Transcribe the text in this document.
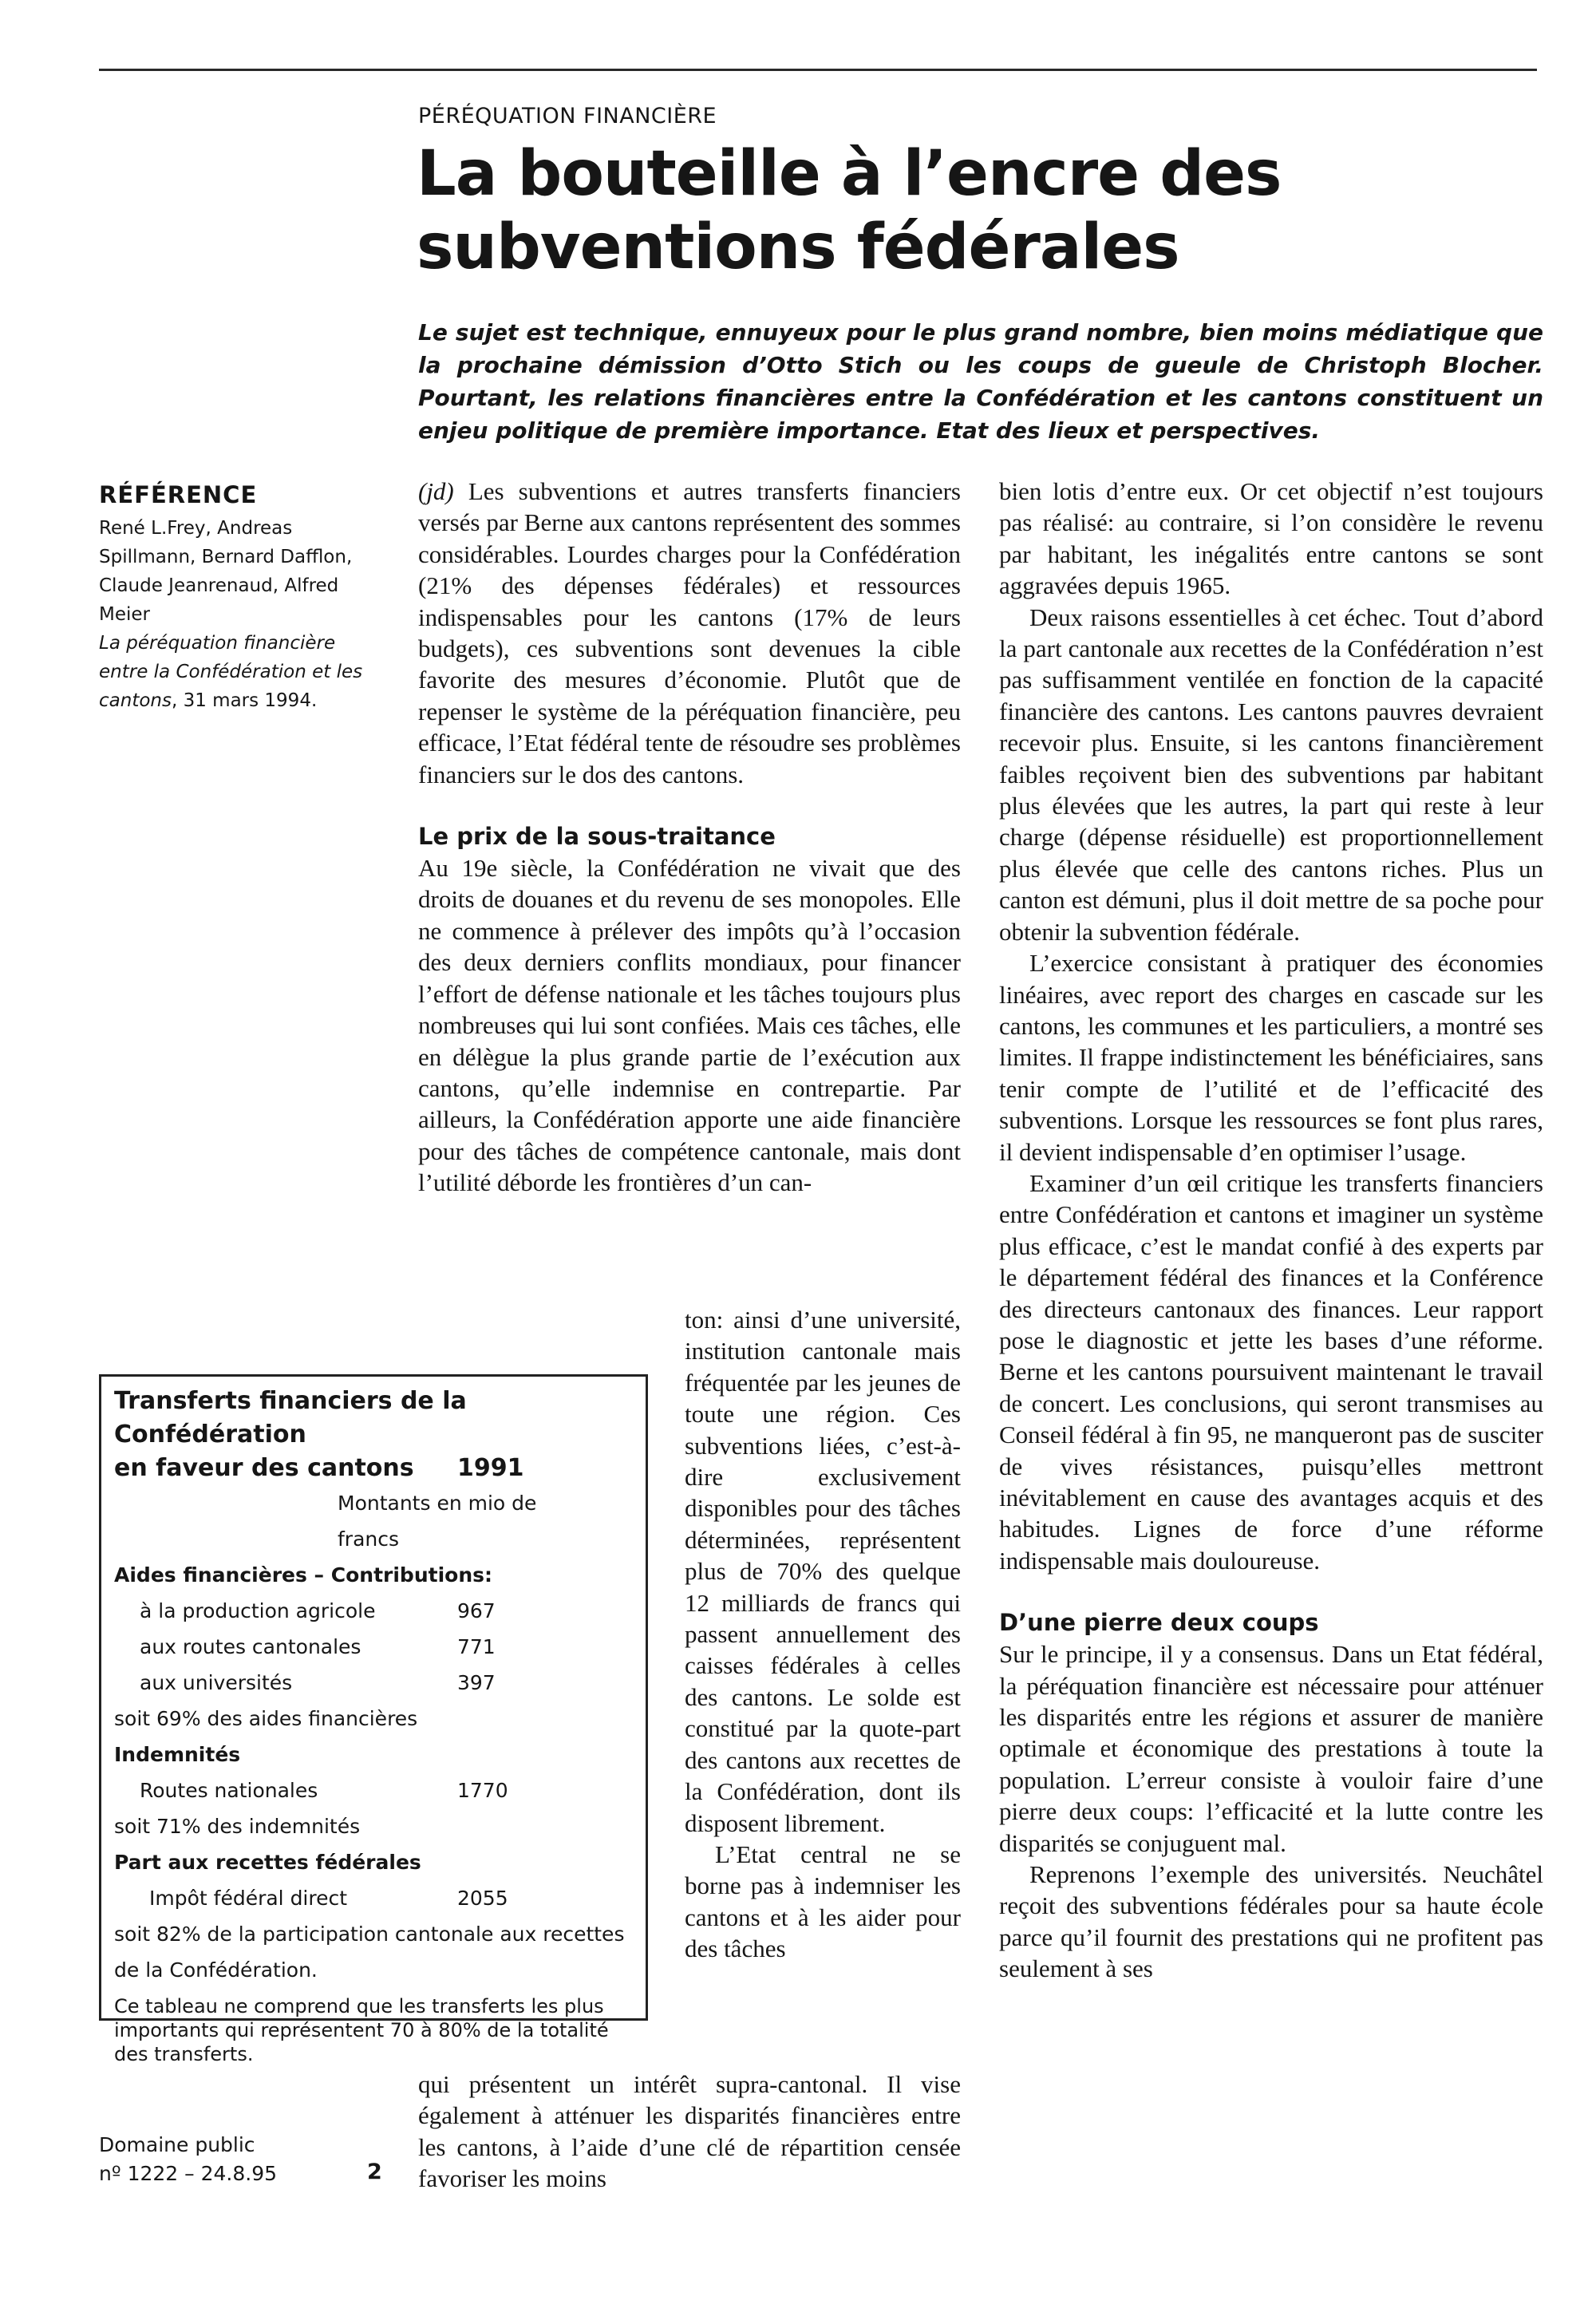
PÉRÉQUATION FINANCIÈRE
La bouteille à l’encre des
subventions fédérales

Le sujet est technique, ennuyeux pour le plus grand nombre, bien moins médiatique que la prochaine démission d’Otto Stich ou les coups de gueule de Christoph Blocher. Pourtant, les relations financières entre la Confédération et les cantons constituent un enjeu politique de première importance. Etat des lieux et perspectives.

RÉFÉRENCE
René L.Frey, Andreas Spillmann, Bernard Dafflon, Claude Jeanrenaud, Alfred Meier
La péréquation financière entre la Confédération et les cantons, 31 mars 1994.

(jd) Les subventions et autres transferts financiers versés par Berne aux cantons représentent des sommes considérables. Lourdes charges pour la Confédération (21% des dépenses fédérales) et ressources indispensables pour les cantons (17% de leurs budgets), ces subventions sont devenues la cible favorite des mesures d’économie. Plutôt que de repenser le système de la péréquation financière, peu efficace, l’Etat fédéral tente de résoudre ses problèmes financiers sur le dos des cantons.

Le prix de la sous-traitance

Au 19e siècle, la Confédération ne vivait que des droits de douanes et du revenu de ses monopoles. Elle ne commence à prélever des impôts qu’à l’occasion des deux derniers conflits mondiaux, pour financer l’effort de défense nationale et les tâches toujours plus nombreuses qui lui sont confiées. Mais ces tâches, elle en délègue la plus grande partie de l’exécution aux cantons, qu’elle indemnise en contrepartie. Par ailleurs, la Confédération apporte une aide financière pour des tâches de compétence cantonale, mais dont l’utilité déborde les frontières d’un can-

ton: ainsi d’une université, institution cantonale mais fréquentée par les jeunes de toute une région. Ces subventions liées, c’est-à-dire exclusivement disponibles pour des tâches déterminées, représentent plus de 70% des quelque 12 milliards de francs qui passent annuellement des caisses fédérales à celles des cantons. Le solde est constitué par la quote-part des cantons aux recettes de la Confédération, dont ils disposent librement.

L’Etat central ne se borne pas à indemniser les cantons et à les aider pour des tâches

qui présentent un intérêt supra-cantonal. Il vise également à atténuer les disparités financières entre les cantons, à l’aide d’une clé de répartition censée favoriser les moins

bien lotis d’entre eux. Or cet objectif n’est toujours pas réalisé: au contraire, si l’on considère le revenu par habitant, les inégalités entre cantons se sont aggravées depuis 1965.

Deux raisons essentielles à cet échec. Tout d’abord la part cantonale aux recettes de la Confédération n’est pas suffisamment ventilée en fonction de la capacité financière des cantons. Les cantons pauvres devraient recevoir plus. Ensuite, si les cantons financièrement faibles reçoivent bien des subventions par habitant plus élevées que les autres, la part qui reste à leur charge (dépense résiduelle) est proportionnellement plus élevée que celle des cantons riches. Plus un canton est démuni, plus il doit mettre de sa poche pour obtenir la subvention fédérale.

L’exercice consistant à pratiquer des économies linéaires, avec report des charges en cascade sur les cantons, les communes et les particuliers, a montré ses limites. Il frappe indistinctement les bénéficiaires, sans tenir compte de l’utilité et de l’efficacité des subventions. Lorsque les ressources se font plus rares, il devient indispensable d’en optimiser l’usage.

Examiner d’un œil critique les transferts financiers entre Confédération et cantons et imaginer un système plus efficace, c’est le mandat confié à des experts par le département fédéral des finances et la Conférence des directeurs cantonaux des finances. Leur rapport pose le diagnostic et jette les bases d’une réforme. Berne et les cantons poursuivent maintenant le travail de concert. Les conclusions, qui seront transmises au Conseil fédéral à fin 95, ne manqueront pas de susciter de vives résistances, puisqu’elles mettront inévitablement en cause des avantages acquis et des habitudes. Lignes de force d’une réforme indispensable mais douloureuse.

D’une pierre deux coups

Sur le principe, il y a consensus. Dans un Etat fédéral, la péréquation financière est nécessaire pour atténuer les disparités entre les régions et assurer de manière optimale et économique des prestations à toute la population. L’erreur consiste à vouloir faire d’une pierre deux coups: l’efficacité et la lutte contre les disparités se conjuguent mal.

Reprenons l’exemple des universités. Neuchâtel reçoit des subventions fédérales pour sa haute école parce qu’il fournit des prestations qui ne profitent pas seulement à ses

Transferts financiers de la Confédération
en faveur des cantons	1991
Montants en mio de francs
Aides financières – Contributions:
à la production agricole	967
aux routes cantonales	771
aux universités	397
soit 69% des aides financières
Indemnités
Routes nationales	1770
soit 71% des indemnités
Part aux recettes fédérales
Impôt fédéral direct	2055
soit 82% de la participation cantonale aux recettes de la Confédération.
Ce tableau ne comprend que les transferts les plus importants qui représentent 70 à 80% de la totalité des transferts.
Domaine public
nº 1222 – 24.8.95	2
